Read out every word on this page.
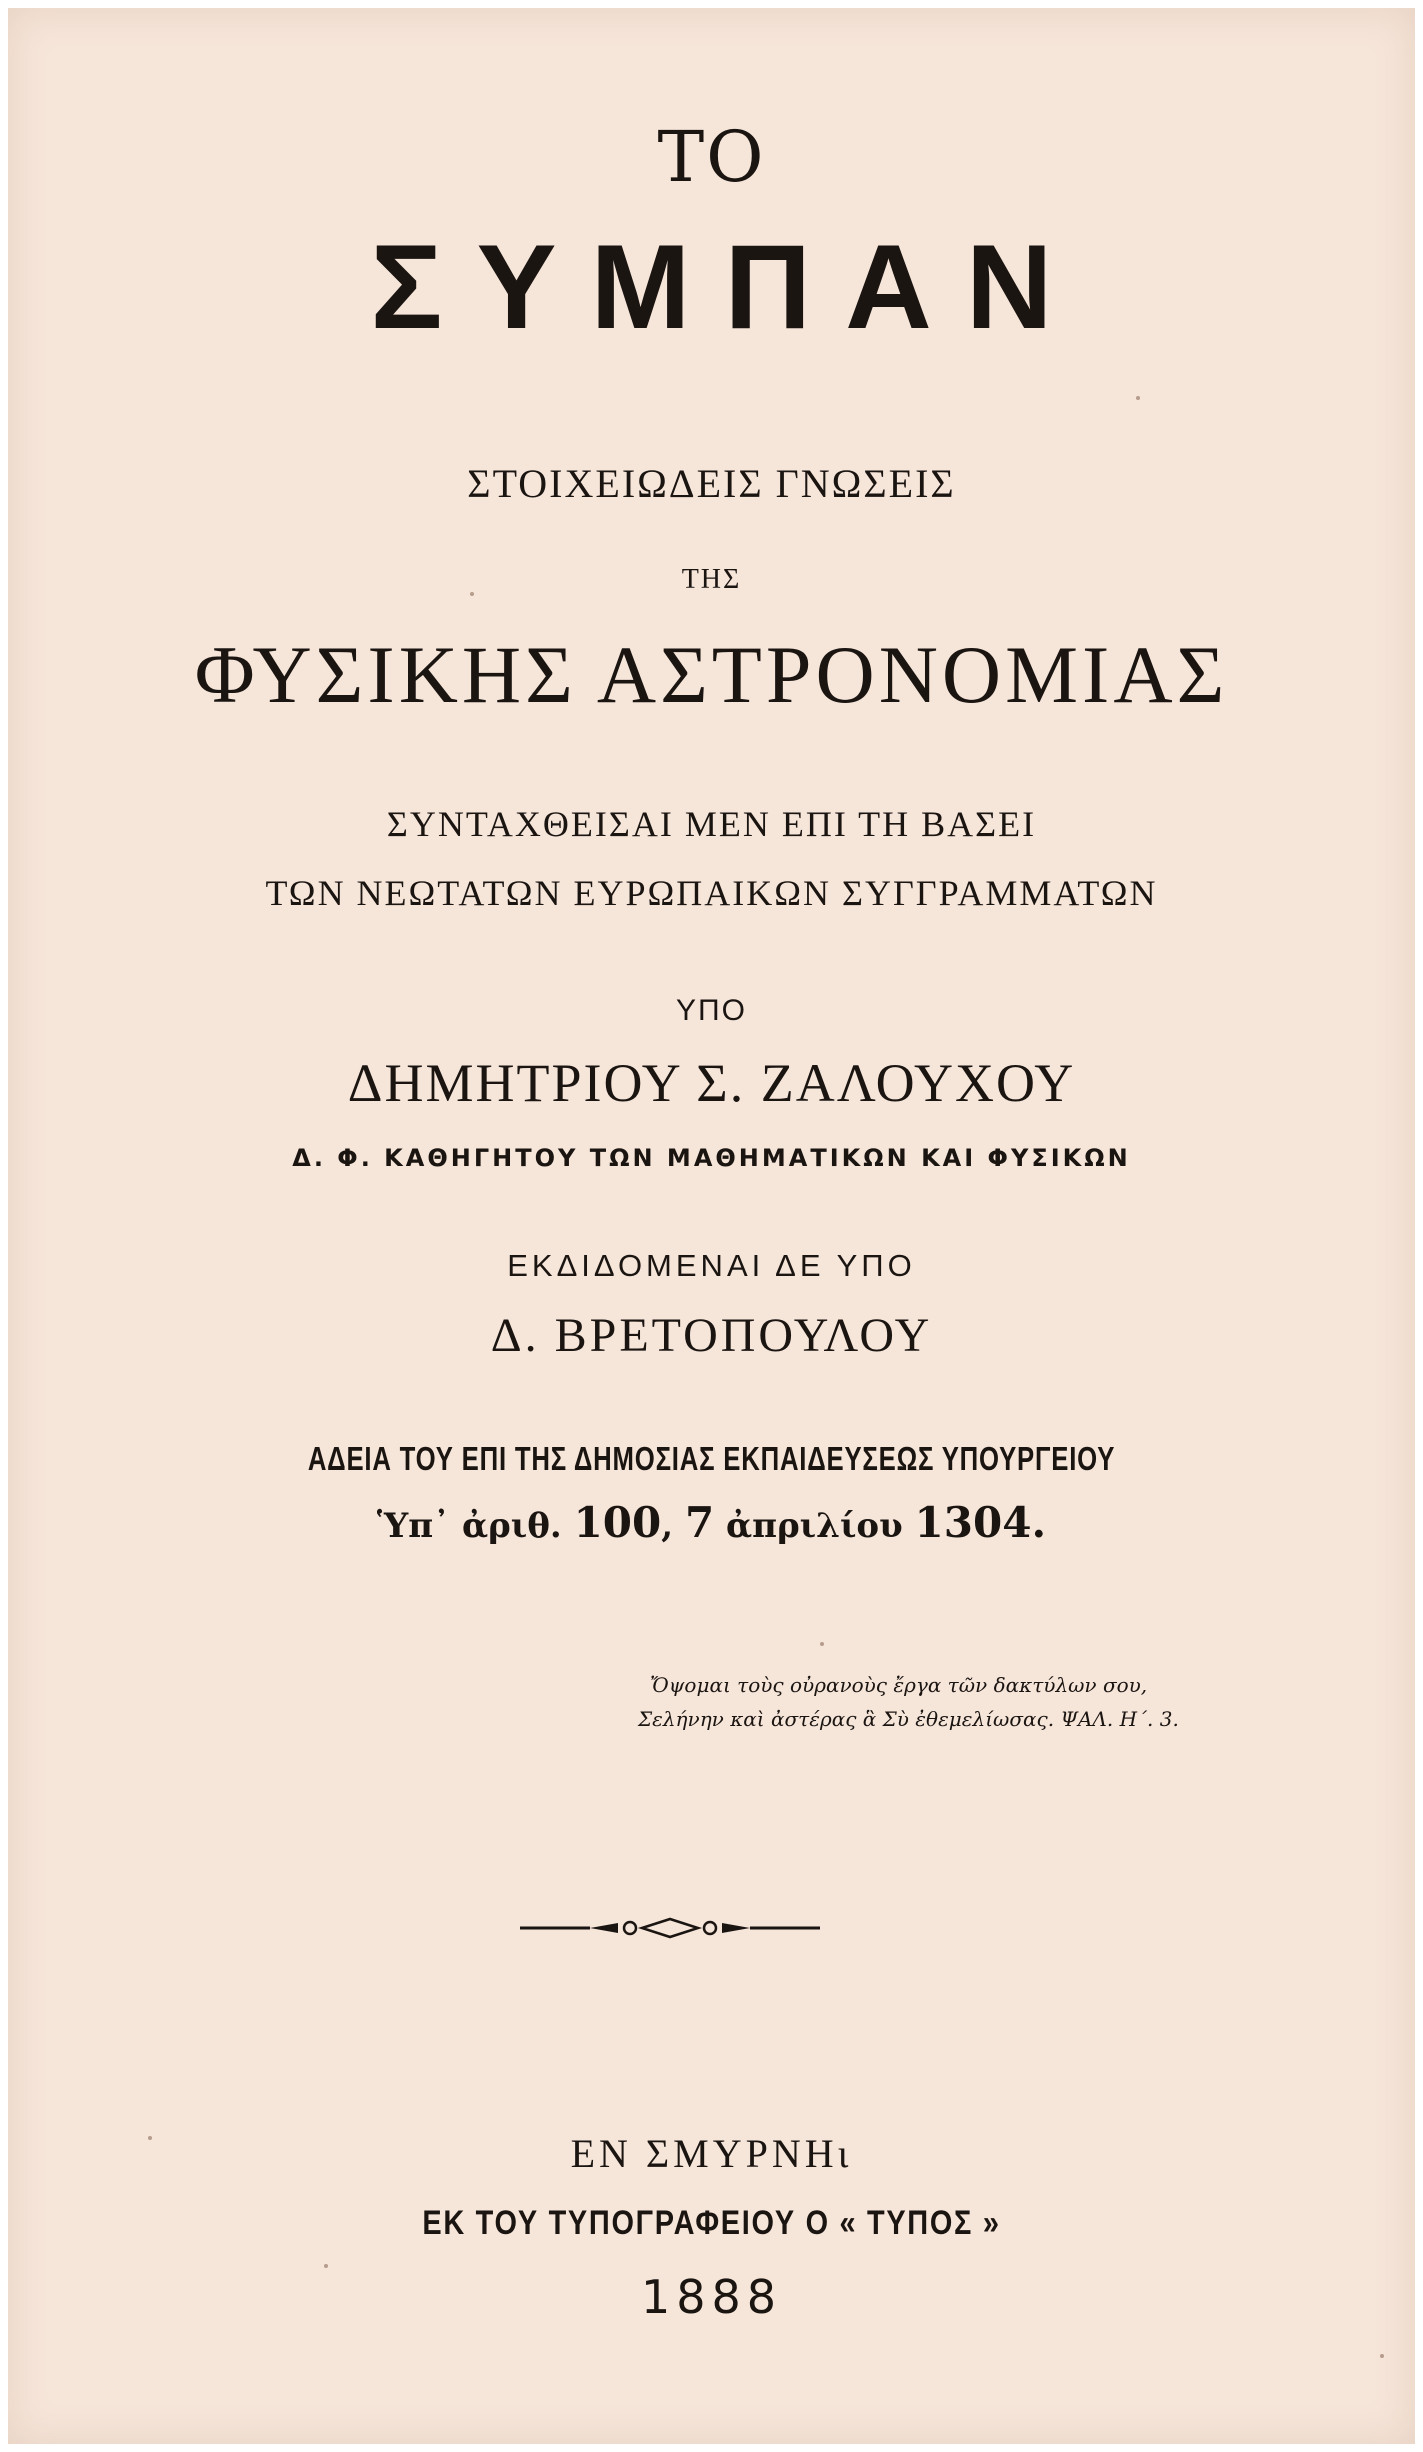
ΤΟ

ΣΥΜΠΑΝ

ΣΤΟΙΧΕΙΩΔΕΙΣ ΓΝΩΣΕΙΣ

ΤΗΣ

ΦΥΣΙΚΗΣ ΑΣΤΡΟΝΟΜΙΑΣ

ΣΥΝΤΑΧΘΕΙΣΑΙ ΜΕΝ ΕΠΙ ΤΗ ΒΑΣΕΙ

ΤΩΝ ΝΕΩΤΑΤΩΝ ΕΥΡΩΠΑΙΚΩΝ ΣΥΓΓΡΑΜΜΑΤΩΝ

ΥΠΟ

ΔΗΜΗΤΡΙΟΥ Σ. ΖΑΛΟΥΧΟΥ

Δ. Φ. ΚΑΘΗΓΗΤΟΥ ΤΩΝ ΜΑΘΗΜΑΤΙΚΩΝ ΚΑΙ ΦΥΣΙΚΩΝ

ΕΚΔΙΔΟΜΕΝΑΙ ΔΕ ΥΠΟ

Δ. ΒΡΕΤΟΠΟΥΛΟΥ

ΑΔΕΙΑ ΤΟΥ ΕΠΙ ΤΗΣ ΔΗΜΟΣΙΑΣ ΕΚΠΑΙΔΕΥΣΕΩΣ ΥΠΟΥΡΓΕΙΟΥ

Ὑπ᾽ ἀριθ. 100, 7 ἀπριλίου 1304.

Ὄψομαι τοὺς οὐρανοὺς ἔργα τῶν δακτύλων σου,
Σελήνην καὶ ἀστέρας ἃ Σὺ ἐθεμελίωσας. ΨΑΛ. Η΄. 3.

ΕΝ ΣΜΥΡΝΗι

ΕΚ ΤΟΥ ΤΥΠΟΓΡΑΦΕΙΟΥ Ο « ΤΥΠΟΣ »

1888
